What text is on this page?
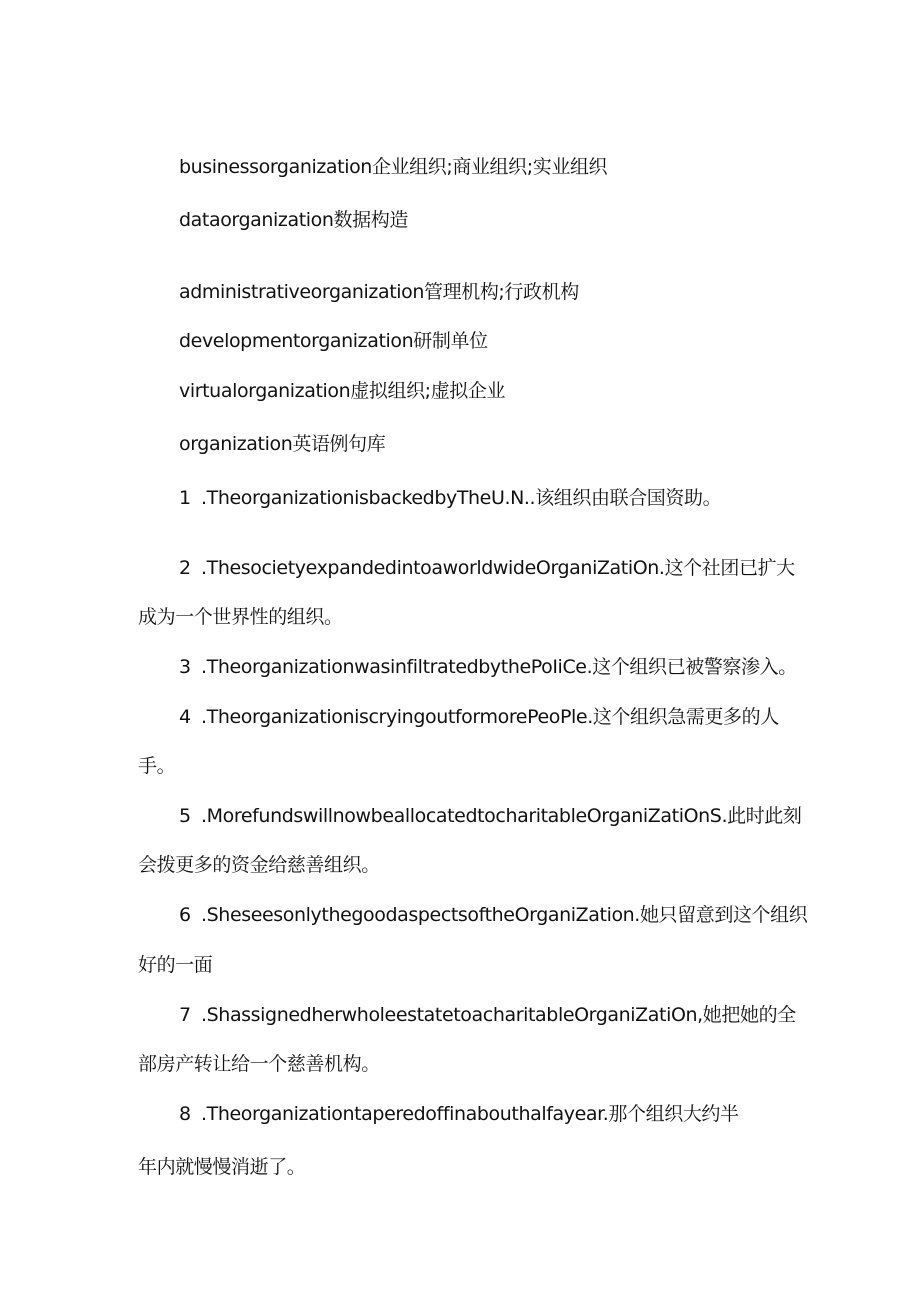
businessorganization企业组织;商业组织;实业组织
dataorganization数据构造
administrativeorganization管理机构;行政机构
developmentorganization研制单位
virtualorganization虚拟组织;虚拟企业
organization英语例句库
1 .TheorganizationisbackedbyTheU.N..该组织由联合国资助。
2 .ThesocietyexpandedintoaworldwideOrganiZatiOn.这个社团已扩大
成为一个世界性的组织。
3 .TheorganizationwasinfiltratedbythePoIiCe.这个组织已被警察渗入。
4 .TheorganizationiscryingoutformorePeoPle.这个组织急需更多的人
手。
5 .MorefundswillnowbeallocatedtocharitableOrganiZatiOnS.此时此刻
会拨更多的资金给慈善组织。
6 .SheseesonlythegoodaspectsoftheOrganiZation.她只留意到这个组织
好的一面
7 .ShassignedherwholeestatetoacharitableOrganiZatiOn,她把她的全
部房产转让给一个慈善机构。
8 .Theorganizationtaperedoffinabouthalfayear.那个组织大约半
年内就慢慢消逝了。
